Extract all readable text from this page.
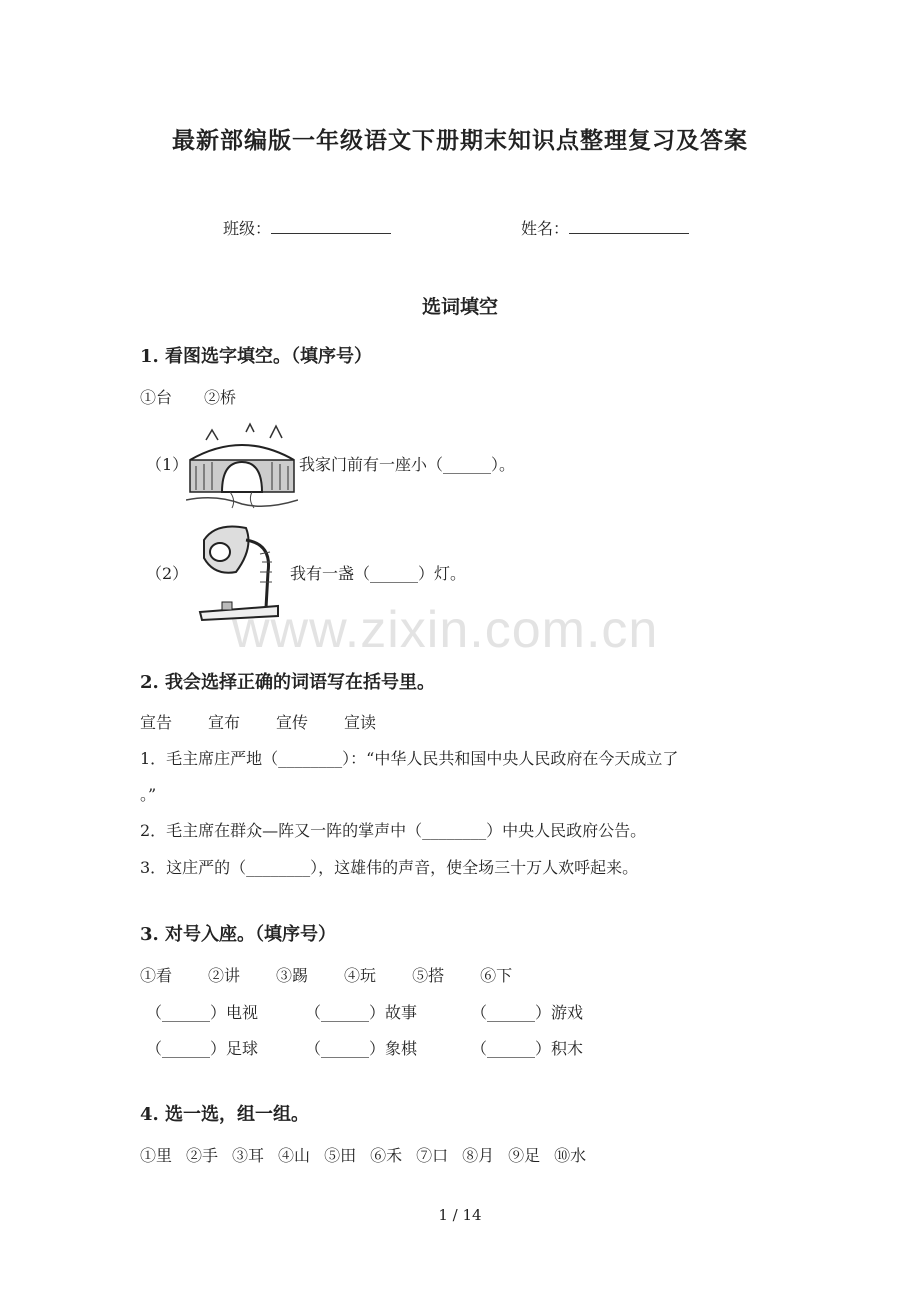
最新部编版一年级语文下册期末知识点整理复习及答案
班级：	姓名：
选词填空
1. 看图选字填空。（填序号）
①台　　②桥
（1）	我家门前有一座小（______）。
（2）	我有一盏（______）灯。
www.zixin.com.cn
2. 我会选择正确的词语写在括号里。
宣告 宣布 宣传 宣读
1．毛主席庄严地（________）：“中华人民共和国中央人民政府在今天成立了
。”
2．毛主席在群众—阵又一阵的掌声中（________）中央人民政府公告。
3．这庄严的（________），这雄伟的声音，使全场三十万人欢呼起来。
3. 对号入座。（填序号）
①看 ②讲 ③踢 ④玩 ⑤搭 ⑥下
（______）电视	（______）故事	（______）游戏
（______）足球	（______）象棋	（______）积木
4. 选一选，组一组。
①里 ②手 ③耳 ④山 ⑤田 ⑥禾 ⑦口 ⑧月 ⑨足 ⑩水
1 / 14
